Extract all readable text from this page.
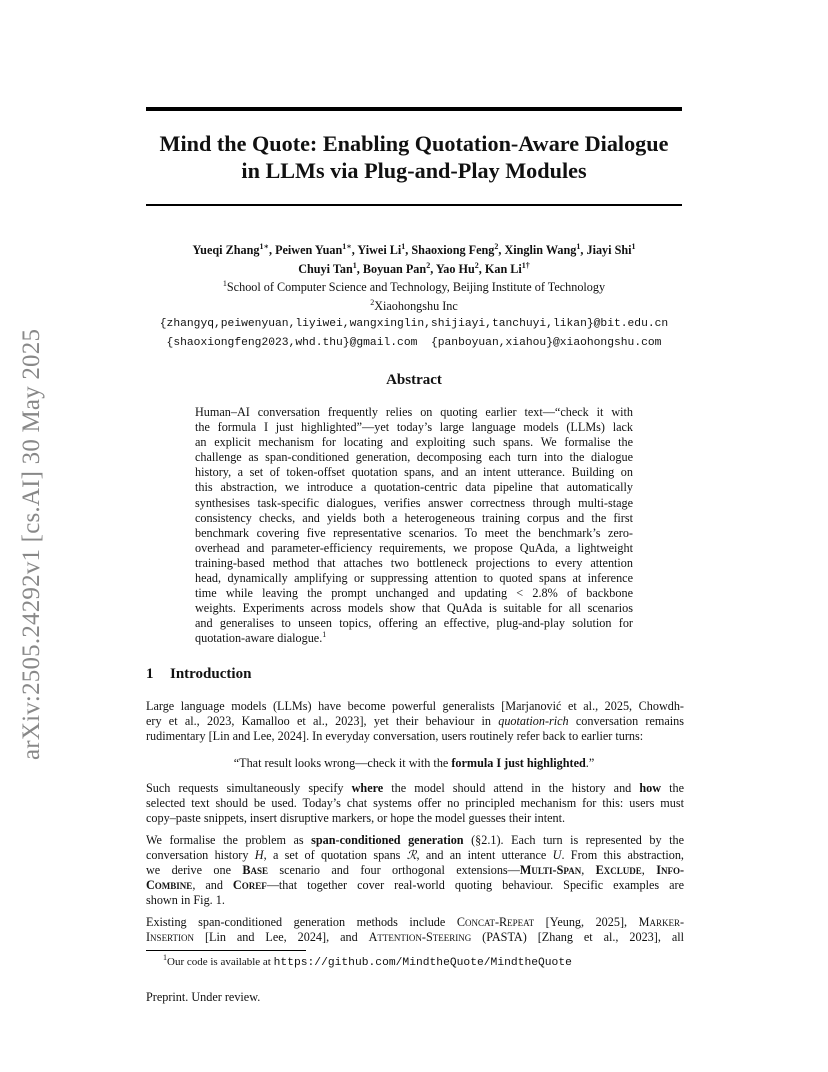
arXiv:2505.24292v1 [cs.AI] 30 May 2025
Mind the Quote: Enabling Quotation-Aware Dialogue
in LLMs via Plug-and-Play Modules
Yueqi Zhang$^{1∗}$, Peiwen Yuan$^{1∗}$, Yiwei Li$^1$, Shaoxiong Feng$^2$, Xinglin Wang$^1$, Jiayi Shi$^1$
Chuyi Tan$^1$, Boyuan Pan$^2$, Yao Hu$^2$, Kan $Li^{1\dagger}$
$^1$School of Computer Science and Technology, Beijing Institute of Technology
$^2$Xiaohongshu Inc
{zhangyq,peiwenyuan,liyiwei,wangxinglin,shijiayi,tanchuyi,likan}@bit.edu.cn
{shaoxiongfeng2023,whd.thu}@gmail.com {panboyuan,xiahou}@xiaohongshu.com
Abstract
Human–AI conversation frequently relies on quoting earlier text—“check it with
the formula I just highlighted”—yet today’s large language models (LLMs) lack
an explicit mechanism for locating and exploiting such spans. We formalise the
challenge as span-conditioned generation, decomposing each turn into the dialogue
history, a set of token-offset quotation spans, and an intent utterance. Building on
this abstraction, we introduce a quotation-centric data pipeline that automatically
synthesises task-specific dialogues, verifies answer correctness through multi-stage
consistency checks, and yields both a heterogeneous training corpus and the first
benchmark covering five representative scenarios. To meet the benchmark’s zero-
overhead and parameter-efficiency requirements, we propose QuAda, a lightweight
training-based method that attaches two bottleneck projections to every attention
head, dynamically amplifying or suppressing attention to quoted spans at inference
time while leaving the prompt unchanged and updating < 2.8% of backbone
weights. Experiments across models show that QuAda is suitable for all scenarios
and generalises to unseen topics, offering an effective, plug-and-play solution for
quotation-aware dialogue.$^1$
1 Introduction
Large language models (LLMs) have become powerful generalists [Marjanović et al., 2025, Chowdh-
ery et al., 2023, Kamalloo et al., 2023], yet their behaviour in quotation-rich conversation remains
rudimentary [Lin and Lee, 2024]. In everyday conversation, users routinely refer back to earlier turns:
“That result looks wrong—check it with the formula I just highlighted.”
Such requests simultaneously specify where the model should attend in the history and how the
selected text should be used. Today’s chat systems offer no principled mechanism for this: users must
copy–paste snippets, insert disruptive markers, or hope the model guesses their intent.
We formalise the problem as span-conditioned generation (§2.1). Each turn is represented by the
conversation history H, a set of quotation spans ℛ, and an intent utterance U. From this abstraction,
we derive one Base scenario and four orthogonal extensions—Multi-Span, Exclude, Info-
Combine, and Coref—that together cover real-world quoting behaviour. Specific examples are
shown in Fig. 1.
Existing span-conditioned generation methods include Concat-Repeat [Yeung, 2025], Marker-
Insertion [Lin and Lee, 2024], and Attention-Steering (PASTA) [Zhang et al., 2023], all
$^1$Our code is available at https://github.com/MindtheQuote/MindtheQuote
Preprint. Under review.
